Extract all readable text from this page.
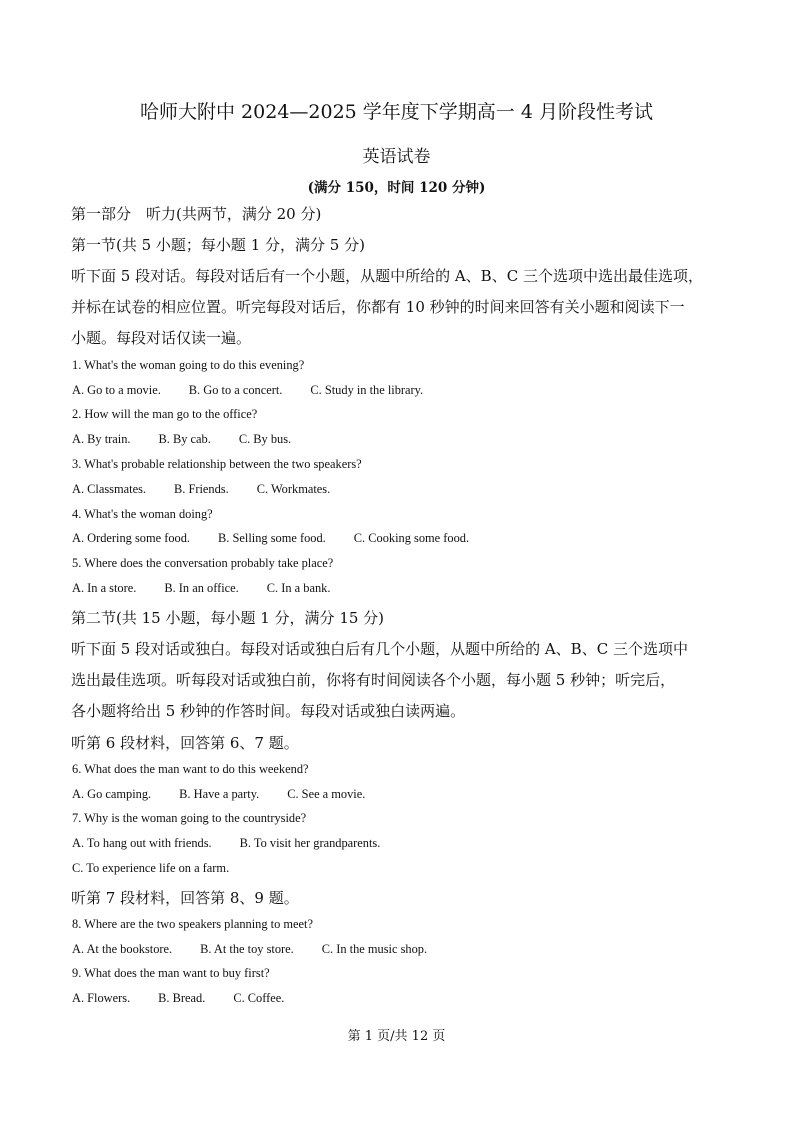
哈师大附中 2024—2025 学年度下学期高一 4 月阶段性考试
英语试卷
(满分 150，时间 120 分钟)
第一部分　听力(共两节，满分 20 分)
第一节(共 5 小题；每小题 1 分，满分 5 分)
听下面 5 段对话。每段对话后有一个小题，从题中所给的 A、B、C 三个选项中选出最佳选项，
并标在试卷的相应位置。听完每段对话后，你都有 10 秒钟的时间来回答有关小题和阅读下一
小题。每段对话仅读一遍。
1. What's the woman going to do this evening?
A. Go to a movie. B. Go to a concert. C. Study in the library.
2. How will the man go to the office?
A. By train. B. By cab. C. By bus.
3. What's probable relationship between the two speakers?
A. Classmates. B. Friends. C. Workmates.
4. What's the woman doing?
A. Ordering some food. B. Selling some food. C. Cooking some food.
5. Where does the conversation probably take place?
A. In a store. B. In an office. C. In a bank.
第二节(共 15 小题，每小题 1 分，满分 15 分)
听下面 5 段对话或独白。每段对话或独白后有几个小题，从题中所给的 A、B、C 三个选项中
选出最佳选项。听每段对话或独白前，你将有时间阅读各个小题，每小题 5 秒钟；听完后，
各小题将给出 5 秒钟的作答时间。每段对话或独白读两遍。
听第 6 段材料，回答第 6、7 题。
6. What does the man want to do this weekend?
A. Go camping. B. Have a party. C. See a movie.
7. Why is the woman going to the countryside?
A. To hang out with friends. B. To visit her grandparents.
C. To experience life on a farm.
听第 7 段材料，回答第 8、9 题。
8. Where are the two speakers planning to meet?
A. At the bookstore. B. At the toy store. C. In the music shop.
9. What does the man want to buy first?
A. Flowers. B. Bread. C. Coffee.
第 1 页/共 12 页
